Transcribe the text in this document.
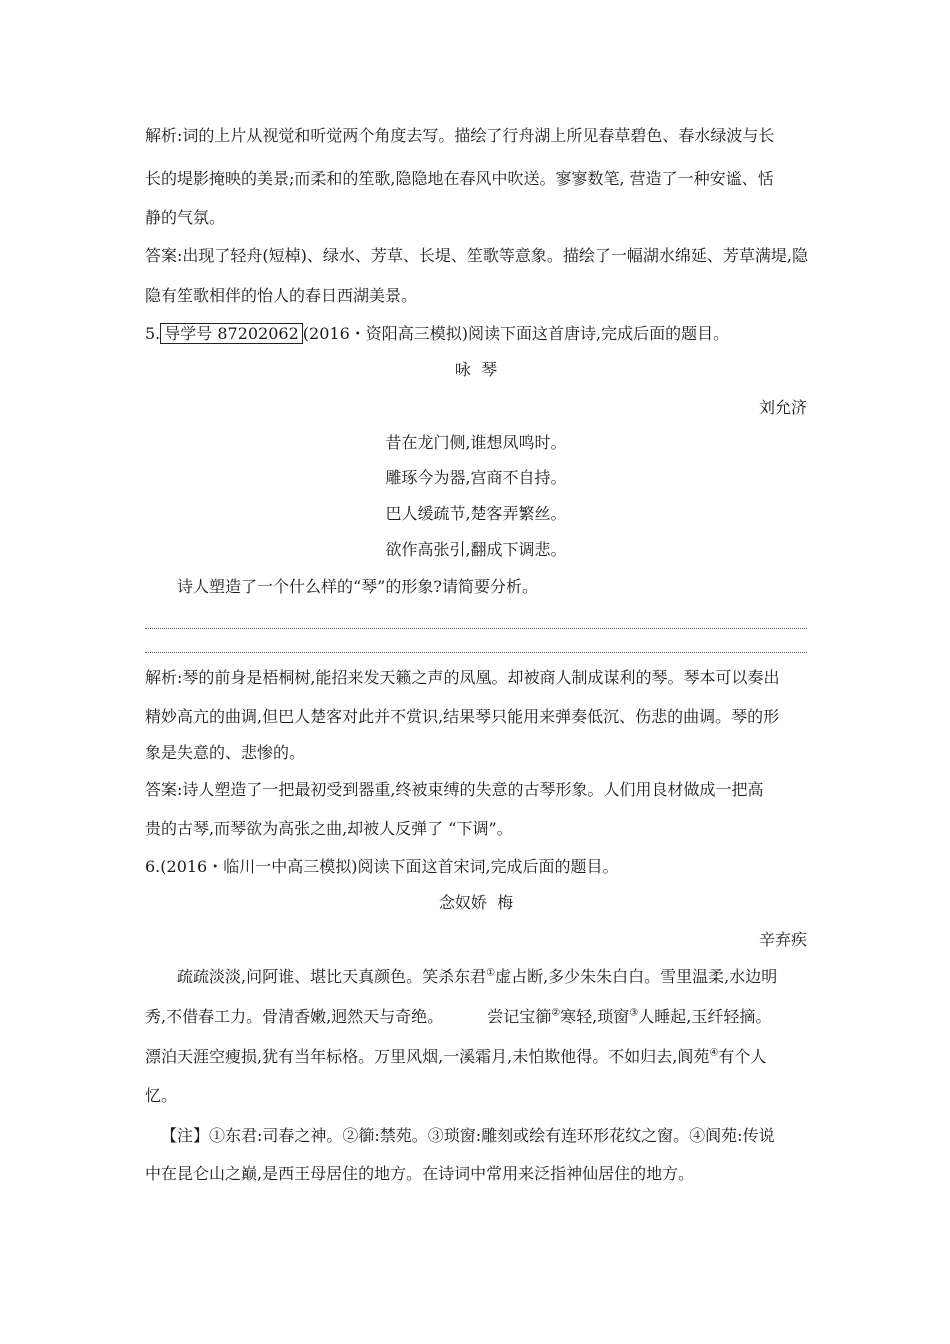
解析:词的上片从视觉和听觉两个角度去写。描绘了行舟湖上所见春草碧色、春水绿波与长
长的堤影掩映的美景;而柔和的笙歌,隐隐地在春风中吹送。寥寥数笔, 营造了一种安谧、恬
静的气氛。
答案:出现了轻舟(短棹)、绿水、芳草、长堤、笙歌等意象。描绘了一幅湖水绵延、芳草满堤,隐
隐有笙歌相伴的怡人的春日西湖美景。
5. 导学号 87202062 (2016・资阳高三模拟)阅读下面这首唐诗,完成后面的题目。
咏  琴
刘允济
昔在龙门侧,谁想凤鸣时。
雕琢今为器,宫商不自持。
巴人缓疏节,楚客弄繁丝。
欲作高张引,翻成下调悲。
诗人塑造了一个什么样的“琴”的形象?请简要分析。
解析:琴的前身是梧桐树,能招来发天籁之声的凤凰。却被商人制成谋利的琴。琴本可以奏出
精妙高亢的曲调,但巴人楚客对此并不赏识,结果琴只能用来弹奏低沉、伤悲的曲调。琴的形
象是失意的、悲惨的。
答案:诗人塑造了一把最初受到器重,终被束缚的失意的古琴形象。人们用良材做成一把高
贵的古琴,而琴欲为高张之曲,却被人反弹了 “下调”。
6.(2016・临川一中高三模拟)阅读下面这首宋词,完成后面的题目。
念奴娇  梅
辛弃疾
疏疏淡淡,问阿谁、堪比天真颜色。笑杀东君①虚占断,多少朱朱白白。雪里温柔,水边明
秀,不借春工力。骨清香嫩,迥然天与奇绝。	尝记宝篽②寒轻,琐窗③人睡起,玉纤轻摘。
漂泊天涯空瘦损,犹有当年标格。万里风烟,一溪霜月,未怕欺他得。不如归去,阆苑④有个人
忆。
【注】①东君:司春之神。②篽:禁苑。③琐窗:雕刻或绘有连环形花纹之窗。④阆苑:传说
中在昆仑山之巅,是西王母居住的地方。在诗词中常用来泛指神仙居住的地方。
